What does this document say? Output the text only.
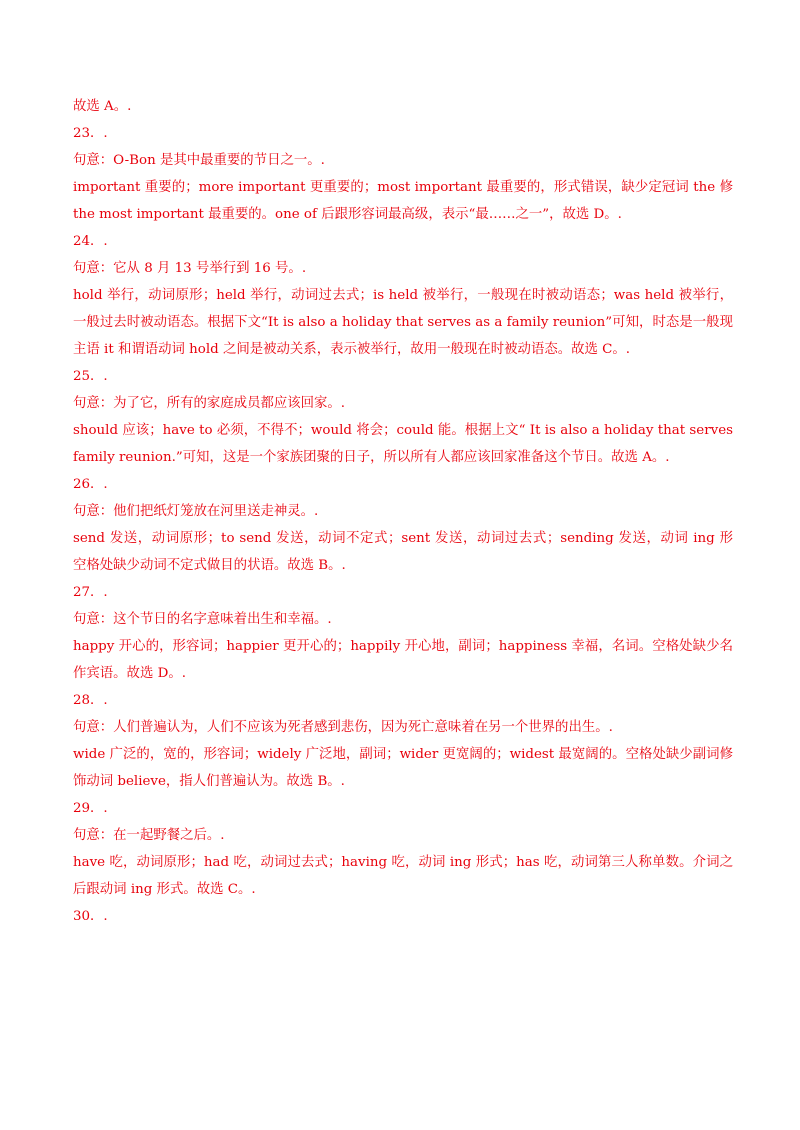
故选 A。.
23．.
句意：O-Bon 是其中最重要的节日之一。.
important 重要的；more important 更重要的；most important 最重要的，形式错误，缺少定冠词 the 修
the most important 最重要的。one of 后跟形容词最高级，表示“最……之一”，故选 D。.
24．.
句意：它从 8 月 13 号举行到 16 号。.
hold 举行，动词原形；held 举行，动词过去式；is held 被举行，一般现在时被动语态；was held 被举行，
一般过去时被动语态。根据下文“It is also a holiday that serves as a family reunion”可知，时态是一般现
主语 it 和谓语动词 hold 之间是被动关系，表示被举行，故用一般现在时被动语态。故选 C。.
25．.
句意：为了它，所有的家庭成员都应该回家。.
should 应该；have to 必须，不得不；would 将会；could 能。根据上文“ It is also a holiday that serves
family reunion.”可知，这是一个家族团聚的日子，所以所有人都应该回家准备这个节日。故选 A。.
26．.
句意：他们把纸灯笼放在河里送走神灵。.
send 发送，动词原形；to send 发送，动词不定式；sent 发送，动词过去式；sending 发送，动词 ing 形
空格处缺少动词不定式做目的状语。故选 B。.
27．.
句意：这个节日的名字意味着出生和幸福。.
happy 开心的，形容词；happier 更开心的；happily 开心地，副词；happiness 幸福，名词。空格处缺少名
作宾语。故选 D。.
28．.
句意：人们普遍认为，人们不应该为死者感到悲伤，因为死亡意味着在另一个世界的出生。.
wide 广泛的，宽的，形容词；widely 广泛地，副词；wider 更宽阔的；widest 最宽阔的。空格处缺少副词修
饰动词 believe，指人们普遍认为。故选 B。.
29．.
句意：在一起野餐之后。.
have 吃，动词原形；had 吃，动词过去式；having 吃，动词 ing 形式；has 吃，动词第三人称单数。介词之
后跟动词 ing 形式。故选 C。.
30．.
